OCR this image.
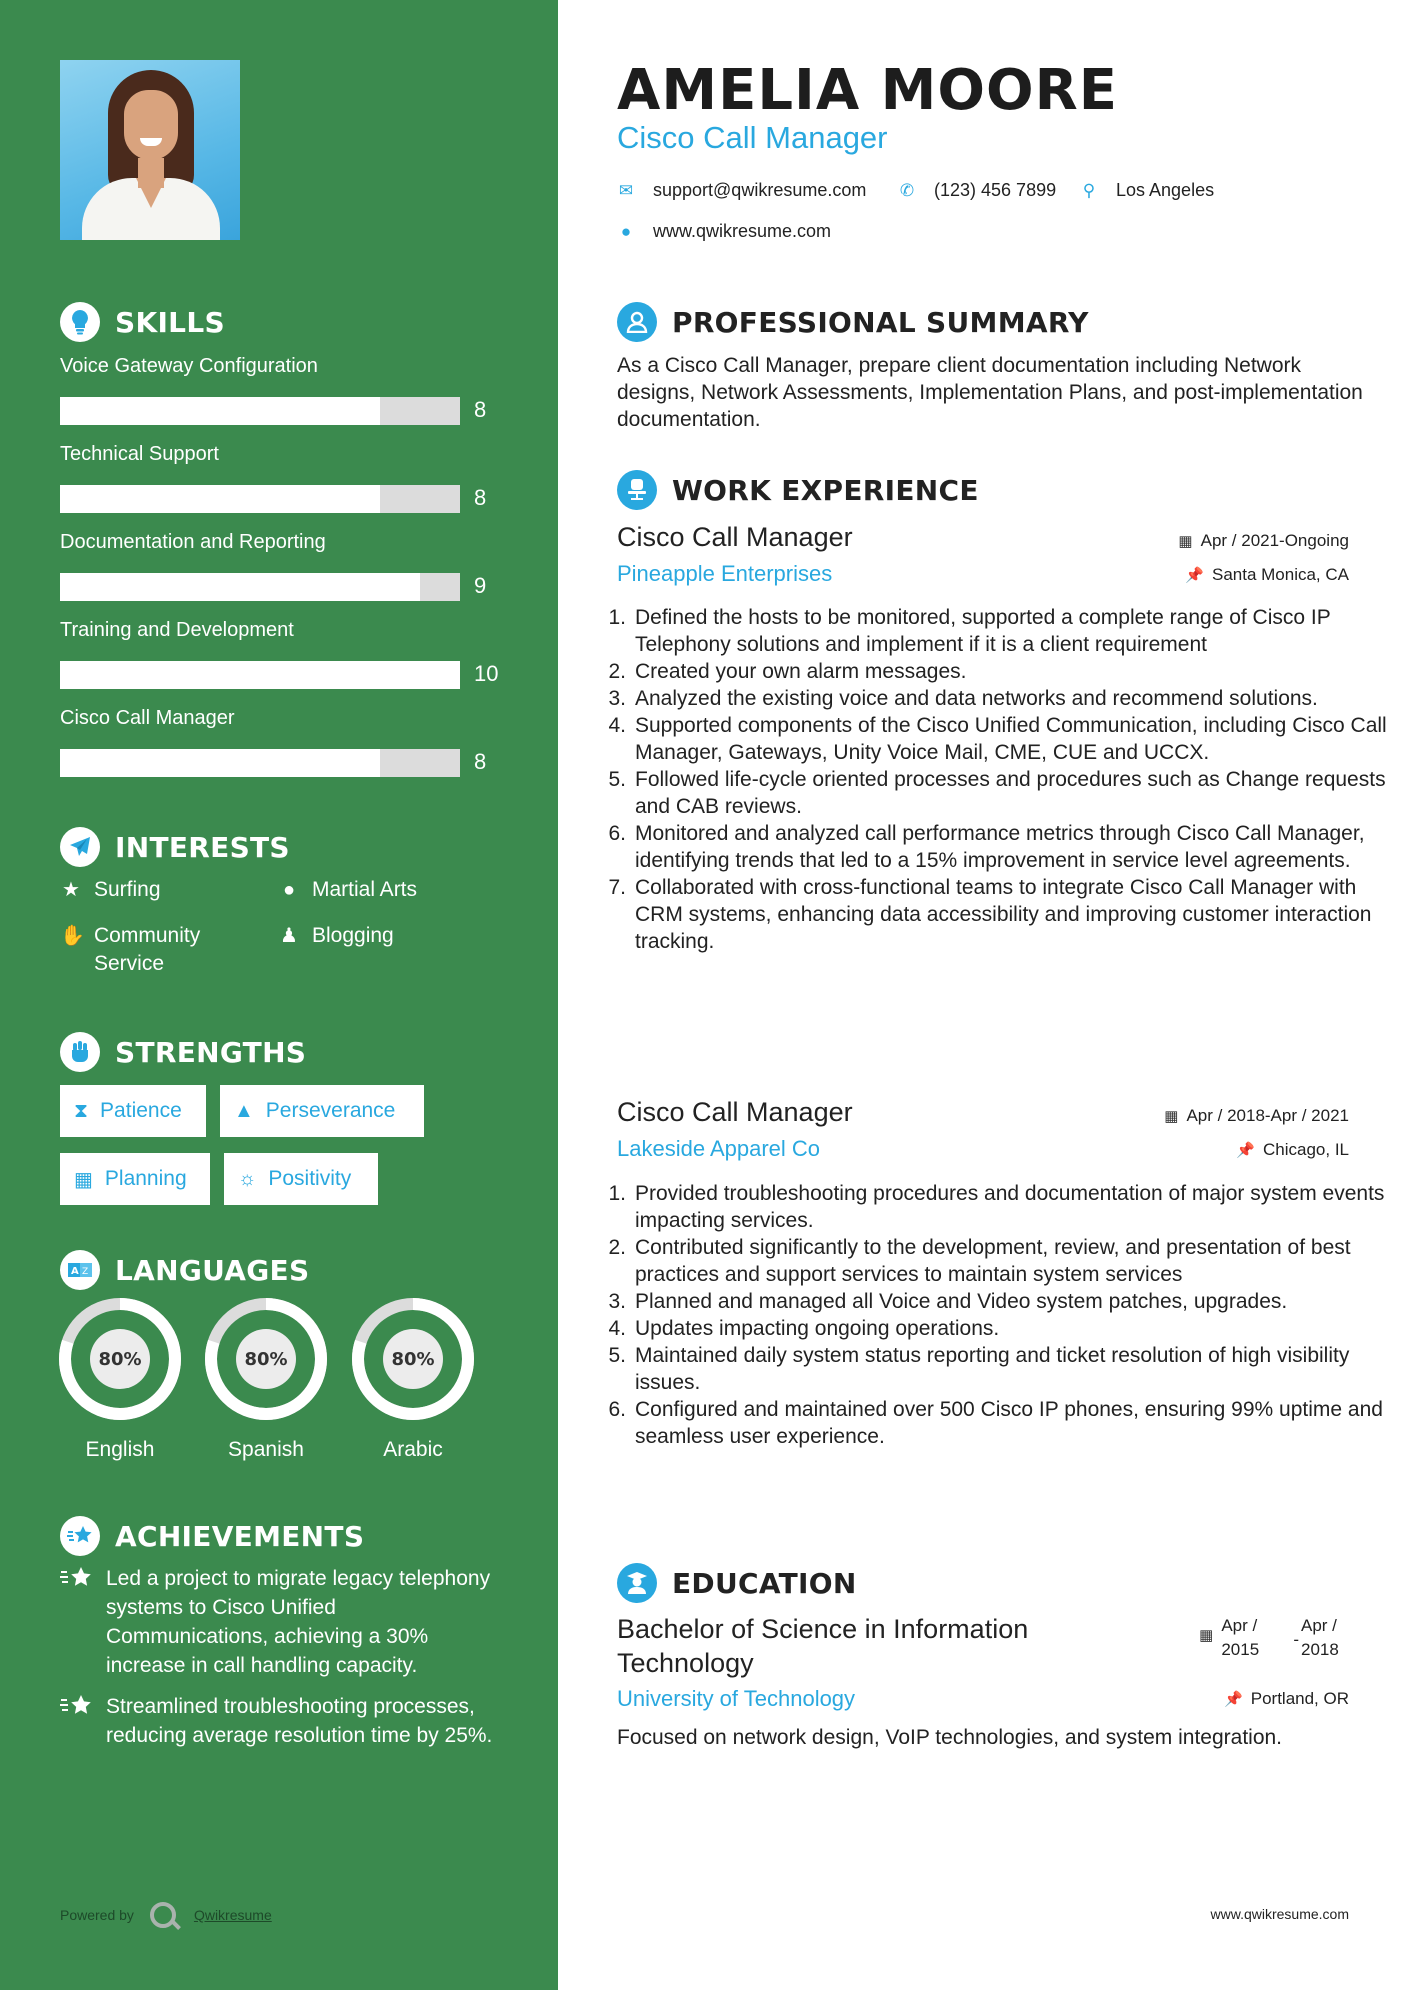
SKILLS
Voice Gateway Configuration
8
Technical Support
8
Documentation and Reporting
9
Training and Development
10
Cisco Call Manager
8
INTERESTS
★ Surfing	● Martial Arts
✋ Community Service
♟ Blogging
STRENGTHS
⧗ Patience	▲ Perseverance
▦ Planning	☼ Positivity
A Z LANGUAGES
80%
English
80%
Spanish
80%
Arabic
ACHIEVEMENTS
Led a project to migrate legacy telephony systems to Cisco Unified Communications, achieving a 30% increase in call handling capacity.
Streamlined troubleshooting processes, reducing average resolution time by 25%.
Powered by	Qwikresume
AMELIA MOORE
Cisco Call Manager
✉ support@qwikresume.com ✆ (123) 456 7899 ⚲ Los Angeles
● www.qwikresume.com
PROFESSIONAL SUMMARY

As a Cisco Call Manager, prepare client documentation including Network designs, Network Assessments, Implementation Plans, and post-implementation documentation.

WORK EXPERIENCE
Cisco Call Manager	▦ Apr / 2021-Ongoing
Pineapple Enterprises	📌 Santa Monica, CA
1. Defined the hosts to be monitored, supported a complete range of Cisco IP Telephony solutions and implement if it is a client requirement
2. Created your own alarm messages.
3. Analyzed the existing voice and data networks and recommend solutions.
4. Supported components of the Cisco Unified Communication, including Cisco Call Manager, Gateways, Unity Voice Mail, CME, CUE and UCCX.
5. Followed life-cycle oriented processes and procedures such as Change requests and CAB reviews.
6. Monitored and analyzed call performance metrics through Cisco Call Manager, identifying trends that led to a 15% improvement in service level agreements.
7. Collaborated with cross-functional teams to integrate Cisco Call Manager with CRM systems, enhancing data accessibility and improving customer interaction tracking.
Cisco Call Manager	▦ Apr / 2018-Apr / 2021
Lakeside Apparel Co	📌 Chicago, IL
1. Provided troubleshooting procedures and documentation of major system events impacting services.
2. Contributed significantly to the development, review, and presentation of best practices and support services to maintain system services
3. Planned and managed all Voice and Video system patches, upgrades.
4. Updates impacting ongoing operations.
5. Maintained daily system status reporting and ticket resolution of high visibility issues.
6. Configured and maintained over 500 Cisco IP phones, ensuring 99% uptime and seamless user experience.
EDUCATION
Bachelor of Science in Information Technology
▦
Apr / 2015
-
Apr / 2018
University of Technology	📌 Portland, OR

Focused on network design, VoIP technologies, and system integration.

www.qwikresume.com
